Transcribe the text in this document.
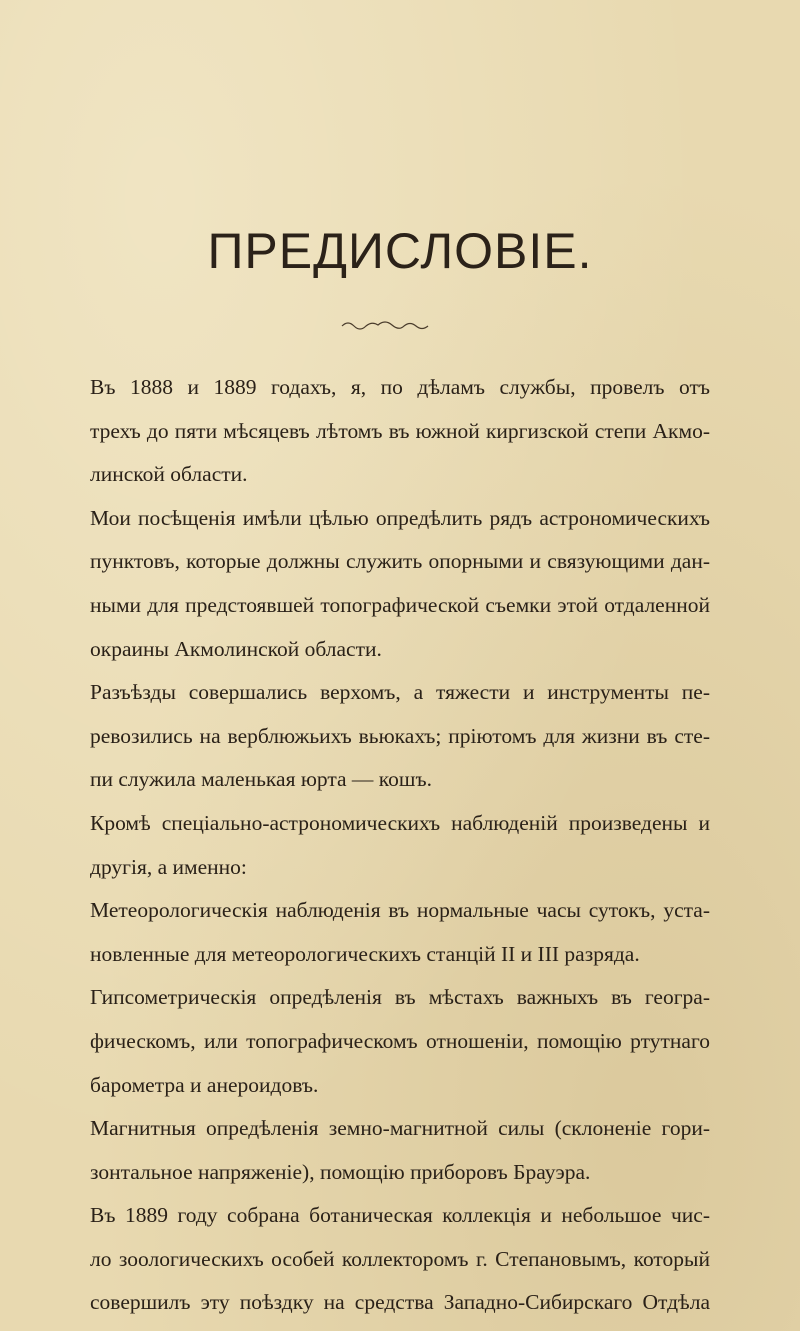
ПРЕДИСЛОВІЕ.

Въ 1888 и 1889 годахъ, я, по дѣламъ службы, провелъ отъ
трехъ до пяти мѣсяцевъ лѣтомъ въ южной киргизской степи Акмо-
линской области.

Мои посѣщенія имѣли цѣлью опредѣлить рядъ астрономическихъ
пунктовъ, которые должны служить опорными и связующими дан-
ными для предстоявшей топографической съемки этой отдаленной
окраины Акмолинской области.

Разъѣзды совершались верхомъ, а тяжести и инструменты пе-
ревозились на верблюжьихъ вьюкахъ; пріютомъ для жизни въ сте-
пи служила маленькая юрта — кошъ.

Кромѣ спеціально-астрономическихъ наблюденій произведены и
другія, а именно:

Метеорологическія наблюденія въ нормальные часы сутокъ, уста-
новленные для метеорологическихъ станцій II и III разряда.

Гипсометрическія опредѣленія въ мѣстахъ важныхъ въ геогра-
фическомъ, или топографическомъ отношеніи, помощію ртутнаго
барометра и анероидовъ.

Магнитныя опредѣленія земно-магнитной силы (склоненіе гори-
зонтальное напряженіе), помощію приборовъ Брауэра.

Въ 1889 году собрана ботаническая коллекція и небольшое чис-
ло зоологическихъ особей коллекторомъ г. Степановымъ, который
совершилъ эту поѣздку на средства Западно-Сибирскаго Отдѣла
